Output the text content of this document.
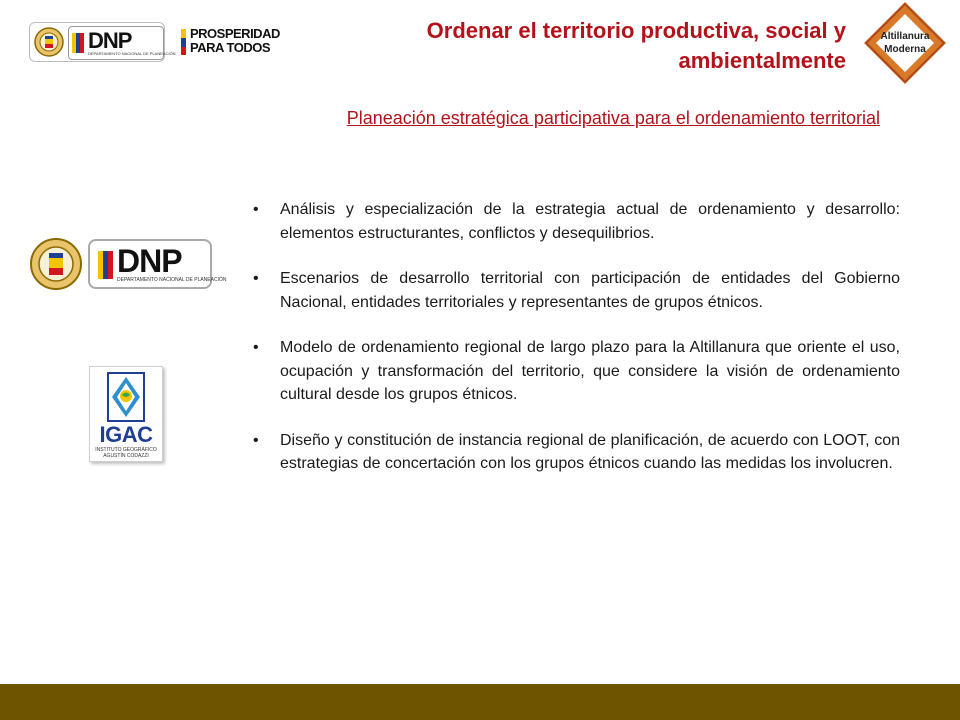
DNP
DEPARTAMENTO NACIONAL DE PLANEACIÓN
PROSPERIDAD
PARA TODOS
Ordenar el territorio productiva, social y
ambientalmente
Altillanura
Moderna
Planeación estratégica participativa para el ordenamiento territorial
DNP
DEPARTAMENTO NACIONAL DE PLANEACIÓN
IGAC
INSTITUTO GEOGRÁFICO
AGUSTÍN CODAZZI
• Análisis y especialización de la estrategia actual de ordenamiento y desarrollo: elementos estructurantes, conflictos y desequilibrios.
• Escenarios de desarrollo territorial con participación de entidades del Gobierno Nacional, entidades territoriales y representantes de grupos étnicos.
• Modelo de ordenamiento regional de largo plazo para la Altillanura que oriente el uso, ocupación y transformación del territorio, que considere la visión de ordenamiento cultural desde los grupos étnicos.
• Diseño y constitución de instancia regional de planificación, de acuerdo con LOOT, con estrategias de concertación con los grupos étnicos cuando las medidas los involucren.
